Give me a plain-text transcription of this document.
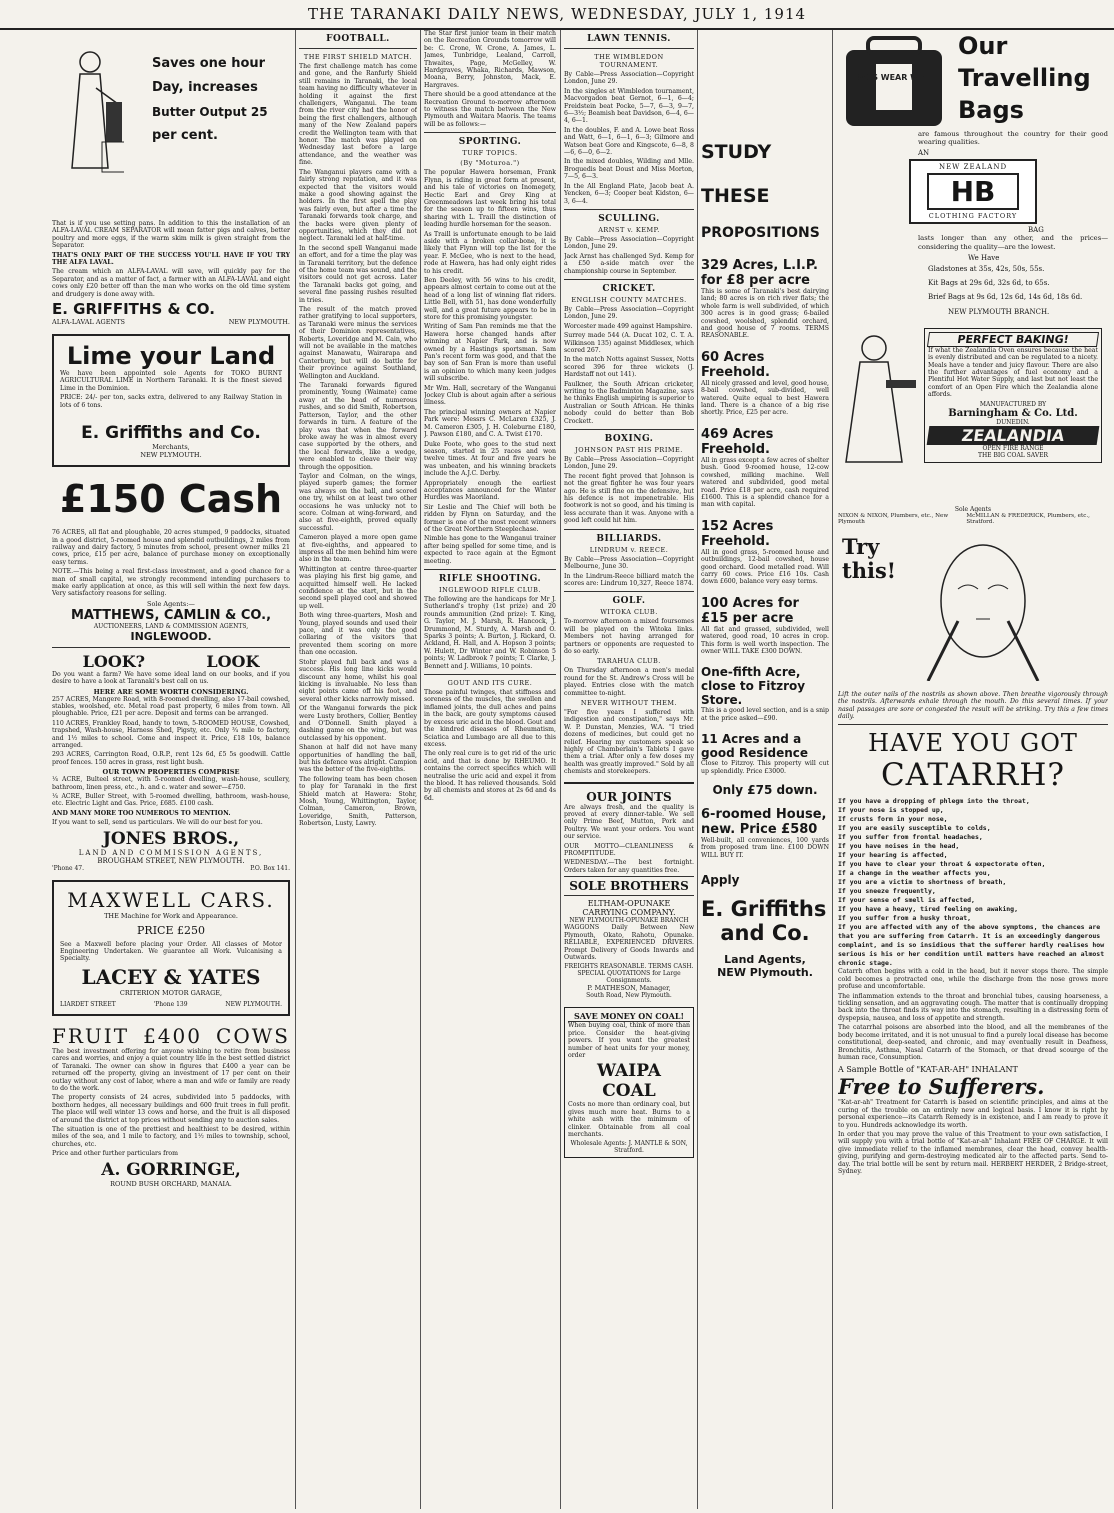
THE TARANAKI DAILY NEWS, WEDNESDAY, JULY 1, 1914
Saves one hour
Day, increases
Butter Output 25
per cent.

That is if you use setting pans. In addition to this the installation of an ALFA-LAVAL CREAM SEPARATOR will mean fatter pigs and calves, better poultry and more eggs, if the warm skim milk is given straight from the Separator.

THAT'S ONLY PART OF THE SUCCESS YOU'LL HAVE IF YOU TRY THE ALFA LAVAL.

The cream which an ALFA-LAVAL will save, will quickly pay for the Separator, and as a matter of fact, a farmer with an ALFA-LAVAL and eight cows only £20 better off than the man who works on the old time system and drudgery is done away with.

E. GRIFFITHS & CO.
ALFA-LAVAL AGENTS	NEW PLYMOUTH.
Lime your Land

We have been appointed sole Agents for TOKO BURNT AGRICULTURAL LIME in Northern Taranaki. It is the finest sieved Lime in the Dominion.

PRICE: 24/- per ton, sacks extra, delivered to any Railway Station in lots of 6 tons.

E. Griffiths and Co.
Merchants,
NEW PLYMOUTH.
£150 Cash

76 ACRES, all flat and ploughable, 20 acres stumped, 9 paddocks, situated in a good district, 5-roomed house and splendid outbuildings, 2 miles from railway and dairy factory, 5 minutes from school, present owner milks 21 cows, price, £15 per acre, balance of purchase money on exceptionally easy terms.

NOTE.—This being a real first-class investment, and a good chance for a man of small capital, we strongly recommend intending purchasers to make early application at once, as this will sell within the next few days. Very satisfactory reasons for selling.

Sole Agents:—
MATTHEWS, CAMLIN & CO.,
AUCTIONEERS, LAND & COMMISSION AGENTS,
INGLEWOOD.
LOOK?	LOOK

Do you want a farm? We have some ideal land on our books, and if you desire to have a look at Taranaki's best call on us.

HERE ARE SOME WORTH CONSIDERING.

257 ACRES, Mangere Road, with 8-roomed dwelling, also 17-bail cowshed, stables, woolshed, etc. Metal road past property, 6 miles from town. All ploughable. Price, £21 per acre. Deposit and terms can be arranged.

110 ACRES, Frankley Road, handy to town, 5-ROOMED HOUSE, Cowshed, trapshed, Wash-house, Harness Shed, Pigsty, etc. Only ¾ mile to factory, and 1½ miles to school. Come and inspect it. Price, £18 10s, balance arranged.

293 ACRES, Carrington Road, O.R.P., rent 12s 6d, £5 5s goodwill. Cattle proof fences. 150 acres in grass, rest light bush.

OUR TOWN PROPERTIES COMPRISE

¼ ACRE, Bulteel street, with 5-roomed dwelling, wash-house, scullery, bathroom, linen press, etc., h. and c. water and sewer—£750.

¼ ACRE, Buller Street, with 5-roomed dwelling, bathroom, wash-house, etc. Electric Light and Gas. Price, £685. £100 cash.

AND MANY MORE TOO NUMEROUS TO MENTION.

If you want to sell, send us particulars. We will do our best for you.

JONES BROS.,
LAND AND COMMISSION AGENTS,
BROUGHAM STREET, NEW PLYMOUTH.
'Phone 47.	P.O. Box 141.
MAXWELL CARS.
THE Machine for Work and Appearance.
PRICE £250

See a Maxwell before placing your Order. All classes of Motor Engineering Undertaken. We guarantee all Work. Vulcanising a Specialty.

LACEY & YATES
CRITERION MOTOR GARAGE,
LIARDET STREET	'Phone 139	NEW PLYMOUTH.
FRUIT £400 COWS

The best investment offering for anyone wishing to retire from business cares and worries, and enjoy a quiet country life in the best settled district of Taranaki. The owner can show in figures that £400 a year can be returned off the property, giving an investment of 17 per cent on their outlay without any cost of labor, where a man and wife or family are ready to do the work.

The property consists of 24 acres, subdivided into 5 paddocks, with boxthorn hedges, all necessary buildings and 600 fruit trees in full profit. The place will well winter 13 cows and horse, and the fruit is all disposed of around the district at top prices without sending any to auction sales.

The situation is one of the prettiest and healthiest to be desired, within miles of the sea, and 1 mile to factory, and 1½ miles to township, school, churches, etc.

Price and other further particulars from

A. GORRINGE,
ROUND BUSH ORCHARD, MANAIA.
FOOTBALL.
THE FIRST SHIELD MATCH.

The first challenge match has come and gone, and the Ranfurly Shield still remains in Taranaki, the local team having no difficulty whatever in holding it against the first challengers, Wanganui. The team from the river city had the honor of being the first challengers, although many of the New Zealand papers credit the Wellington team with that honor. The match was played on Wednesday last before a large attendance, and the weather was fine.

The Wanganui players came with a fairly strong reputation, and it was expected that the visitors would make a good showing against the holders. In the first spell the play was fairly even, but after a time the Taranaki forwards took charge, and the backs were given plenty of opportunities, which they did not neglect. Taranaki led at half-time.

In the second spell Wanganui made an effort, and for a time the play was in Taranaki territory, but the defence of the home team was sound, and the visitors could not get across. Later the Taranaki backs got going, and several fine passing rushes resulted in tries.

The result of the match proved rather gratifying to local supporters, as Taranaki were minus the services of their Dominion representatives, Roberts, Loveridge and M. Cain, who will not be available in the matches against Manawatu, Wairarapa and Canterbury, but will do battle for their province against Southland, Wellington and Auckland.

The Taranaki forwards figured prominently, Young (Waimate) came away at the head of numerous rushes, and so did Smith, Robertson, Patterson, Taylor, and the other forwards in turn. A feature of the play was that when the forward broke away he was in almost every case supported by the others, and the local forwards, like a wedge, were enabled to cleave their way through the opposition.

Taylor and Colman, on the wings, played superb games; the former was always on the ball, and scored one try, whilst on at least two other occasions he was unlucky not to score. Colman at wing-forward, and also at five-eighth, proved equally successful.

Cameron played a more open game at five-eighths, and appeared to impress all the men behind him were also in the team.

Whittington at centre three-quarter was playing his first big game, and acquitted himself well. He lacked confidence at the start, but in the second spell played cool and showed up well.

Both wing three-quarters, Mosh and Young, played sounds and used their pace, and it was only the good collaring of the visitors that prevented them scoring on more than one occasion.

Stohr played full back and was a success. His long line kicks would discount any home, whilst his goal kicking is invaluable. No less than eight points came off his foot, and several other kicks narrowly missed.

Of the Wanganui forwards the pick were Lusty brothers, Collier, Bentley and O'Donnell. Smith played a dashing game on the wing, but was outclassed by his opponent.

Shanon at half did not have many opportunities of handling the ball, but his defence was alright. Campion was the better of the five-eighths.

The following team has been chosen to play for Taranaki in the first Shield match at Hawera: Stohr, Mosh, Young, Whittington, Taylor, Colman, Cameron, Brown, Loveridge, Smith, Patterson, Robertson, Lusty, Lawry.

The Star first junior team in their match on the Recreation Grounds tomorrow will be: C. Crone, W. Crone, A. James, L. James, Tunbridge, Lealand, Carroll, Thwaites, Page, McGelley, W. Hardgraves, Whaka, Richards, Mawson, Moana, Berry, Johnston, Mack, E. Hargraves.

There should be a good attendance at the Recreation Ground to-morrow afternoon to witness the match between the New Plymouth and Waitara Maoris. The teams will be as follows:—

SPORTING.
TURF TOPICS.
(By "Moturoa.")

The popular Hawera horseman, Frank Flynn, is riding in great form at present, and his tale of victories on Inomegety, Hectic Earl and Grey King at Greenmeadows last week bring his total for the season up to fifteen wins, thus sharing with L. Traill the distinction of leading hurdle horseman for the season.

As Traill is unfortunate enough to be laid aside with a broken collar-bone, it is likely that Flynn will top the list for the year. F. McGee, who is next to the head, rode at Hawera, has had only eight rides to his credit.

Ben Deeley, with 56 wins to his credit, appears almost certain to come out at the head of a long list of winning flat riders. Little Bell, with 51, has done wonderfully well, and a great future appears to be in store for this promising youngster.

Writing of Sam Pan reminds me that the Hawera horse changed hands after winning at Napier Park, and is now owned by a Hastings sportsman. Sam Pan's recent form was good, and that the bay son of San Fran is more than useful is an opinion to which many keen judges will subscribe.

Mr Wm. Hall, secretary of the Wanganui Jockey Club is about again after a serious illness.

The principal winning owners at Napier Park were: Messrs C. McLaren £325, J. M. Cameron £305, J. H. Coleburne £180, J. Pawson £180, and C. A. Twist £170.

Duke Foote, who goes to the stud next season, started in 25 races and won twelve times. At four and five years he was unbeaten, and his winning brackets include the A.J.C. Derby.

Appropriately enough the earliest acceptances announced for the Winter Hurdles was Maoriland.

Sir Leslie and The Chief will both be ridden by Flynn on Saturday, and the former is one of the most recent winners of the Great Northern Steeplechase.

Nimble has gone to the Wanganui trainer after being spelled for some time, and is expected to race again at the Egmont meeting.

RIFLE SHOOTING.
INGLEWOOD RIFLE CLUB.

The following are the handicaps for Mr J. Sutherland's trophy (1st prize) and 20 rounds ammunition (2nd prize): T. King, G. Taylor, M. J. Marsh, R. Hancock, J. Drummond, M. Sturdy, A. Marsh and O. Sparks 3 points; A. Burton, J. Rickard, O. Ackland, H. Hall, and A. Hopson 3 points; W. Hulett, Dr Winter and W. Robinson 5 points; W. Ladbrook 7 points; T. Clarke, J. Bennett and J. Williams, 10 points.

GOUT AND ITS CURE.

Those painful twinges, that stiffness and soreness of the muscles, the swollen and inflamed joints, the dull aches and pains in the back, are gouty symptoms caused by excess uric acid in the blood. Gout and the kindred diseases of Rheumatism, Sciatica and Lumbago are all due to this excess.

The only real cure is to get rid of the uric acid, and that is done by RHEUMO. It contains the correct specifics which will neutralise the uric acid and expel it from the blood. It has relieved thousands. Sold by all chemists and stores at 2s 6d and 4s 6d.

LAWN TENNIS.
THE WIMBLEDON TOURNAMENT.

By Cable—Press Association—Copyright London, June 29.

In the singles at Wimbledon tournament, Macvorgadon beat Gernot, 6—1, 6—4; Freidstein beat Pocke, 5—7, 6—3, 9—7, 6—3½; Beamish beat Davidson, 6—4, 6—4, 6—1.

In the doubles, F. and A. Lowe beat Ross and Watt, 6—1, 6—1, 6—3; Gilmore and Watson beat Gore and Kingscote, 6—8, 8—6, 6—0, 6—2.

In the mixed doubles, Wilding and Mlle. Broquedis beat Doust and Miss Morton, 7—5, 6—3.

In the All England Plate, Jacob beat A. Yencken, 6—3; Cooper beat Kidston, 6—3, 6—4.

SCULLING.
ARNST v. KEMP.

By Cable—Press Association—Copyright London, June 29.

Jack Arnst has challenged Syd. Kemp for a £50 a-side match over the championship course in September.

CRICKET.
ENGLISH COUNTY MATCHES.

By Cable—Press Association—Copyright London, June 29.

Worcester made 499 against Hampshire.

Surrey made 544 (A. Ducat 102, C. T. A. Wilkinson 135) against Middlesex, which scored 267.

In the match Notts against Sussex, Notts scored 396 for three wickets (J. Hardstaff not out 141).

Faulkner, the South African cricketer, writing to the Badminton Magazine, says he thinks English umpiring is superior to Australian or South African. He thinks nobody could do better than Bob Crockett.

BOXING.
JOHNSON PAST HIS PRIME.

By Cable—Press Association—Copyright London, June 29.

The recent fight proved that Johnson is not the great fighter he was four years ago. He is still fine on the defensive, but his defence is not impenetrable. His footwork is not so good, and his timing is less accurate than it was. Anyone with a good left could hit him.

BILLIARDS.
LINDRUM v. REECE.

By Cable—Press Association—Copyright Melbourne, June 30.

In the Lindrum-Reece billiard match the scores are: Lindrum 10,327, Reece 1874.

GOLF.
WITOKA CLUB.

To-morrow afternoon a mixed foursomes will be played on the Witoka links. Members not having arranged for partners or opponents are requested to do so early.

TARAHUA CLUB.

On Thursday afternoon a men's medal round for the St. Andrew's Cross will be played. Entries close with the match committee to-night.

NEVER WITHOUT THEM.

"For five years I suffered with indigestion and constipation," says Mr. W. P. Dunstan, Menzies, W.A. "I tried dozens of medicines, but could get no relief. Hearing my customers speak so highly of Chamberlain's Tablets I gave them a trial. After only a few doses my health was greatly improved." Sold by all chemists and storekeepers.

OUR JOINTS

Are always fresh, and the quality is proved at every dinner-table. We sell only Prime Beef, Mutton, Pork and Poultry. We want your orders. You want our service.

OUR MOTTO—CLEANLINESS & PROMPTITUDE.

WEDNESDAY.—The best fortnight. Orders taken for any quantities free.

SOLE BROTHERS
ELTHAM-OPUNAKE CARRYING COMPANY.
NEW PLYMOUTH-OPUNAKE BRANCH

WAGGONS Daily Between New Plymouth, Okato, Rahotu, Opunake. RELIABLE, EXPERIENCED DRIVERS. Prompt Delivery of Goods Inwards and Outwards.

FREIGHTS REASONABLE. TERMS CASH.
SPECIAL QUOTATIONS for Large Consignments.
P. MATHESON, Manager,
South Road, New Plymouth.
SAVE MONEY ON COAL!

When buying coal, think of more than price. Consider the heat-giving powers. If you want the greatest number of heat units for your money, order

WAIPA COAL

Costs no more than ordinary coal, but gives much more heat. Burns to a white ash with the minimum of clinker. Obtainable from all coal merchants.

Wholesale Agents: J. MANTLE & SON, Stratford.
STUDY
THESE
PROPOSITIONS
329 Acres, L.I.P. for £8 per acre

This is some of Taranaki's best dairying land; 80 acres is on rich river flats; the whole farm is well subdivided, of which 300 acres is in good grass; 6-bailed cowshed, woolshed, splendid orchard, and good house of 7 rooms. TERMS REASONABLE.

60 Acres Freehold.

All nicely grassed and level, good house, 8-bail cowshed, sub-divided, well watered. Quite equal to best Hawera land. There is a chance of a big rise shortly. Price, £25 per acre.

469 Acres Freehold.

All in grass except a few acres of shelter bush. Good 9-roomed house, 12-cow cowshed, milking machine. Well watered and subdivided, good metal road. Price £18 per acre, cash required £1600. This is a splendid chance for a man with capital.

152 Acres Freehold.

All in good grass, 5-roomed house and outbuildings, 12-bail cowshed, house good orchard. Good metalled road. Will carry 60 cows. Price £16 10s. Cash down £600, balance very easy terms.

100 Acres for £15 per acre

All flat and grassed, subdivided, well watered, good road, 10 acres in crop. This form is well worth inspection. The owner WILL TAKE £300 DOWN.

One-fifth Acre, close to Fitzroy Store.

This is a good level section, and is a snip at the price asked—£90.

11 Acres and a good Residence

Close to Fitzroy. This property will cut up splendidly. Price £3000.

Only £75 down.
6-roomed House, new. Price £580

Well-built, all conveniences, 100 yards from proposed tram line. £100 DOWN WILL BUY IT.

Apply
E. Griffiths
and Co.
Land Agents,
NEW Plymouth.
BAGS WEAR WELL
Our
Travelling
Bags

are famous throughout the country for their good wearing qualities.

AN
NEW ZEALAND
HB
CLOTHING FACTORY
BAG

lasts longer than any other, and the prices—considering the quality—are the lowest.

We Have
Gladstones at 35s, 42s, 50s, 55s.
Kit Bags at 29s 6d, 32s 6d, to 65s.
Brief Bags at 9s 6d, 12s 6d, 14s 6d, 18s 6d.
NEW PLYMOUTH BRANCH.
PERFECT BAKING!

If what the Zealandia Oven ensures because the heat is evenly distributed and can be regulated to a nicety. Meals have a tender and juicy flavour. There are also the further advantages of fuel economy and a Plentiful Hot Water Supply, and last but not least the comfort of an Open Fire which the Zealandia alone affords.

MANUFACTURED BY
Barningham & Co. Ltd.
DUNEDIN.
ZEALANDIA
OPEN FIRE RANGE
THE BIG COAL SAVER
Sole Agents
NIXON & NIXON, Plumbers, etc., New Plymouth
McMILLAN & FREDERICK, Plumbers, etc., Stratford.
Try this!

Lift the outer nails of the nostrils as shown above. Then breathe vigorously through the nostrils. Afterwards exhale through the mouth. Do this several times. If your nasal passages are sore or congested the result will be striking. Try this a few times daily.

HAVE YOU GOT
CATARRH?
If you have a dropping of phlegm into the throat,
If your nose is stopped up,
If crusts form in your nose,
If you are easily susceptible to colds,
If you suffer from frontal headaches,
If you have noises in the head,
If your hearing is affected,
If you have to clear your throat & expectorate often,
If a change in the weather affects you,
If you are a victim to shortness of breath,
If you sneeze frequently,
If your sense of smell is affected,
If you have a heavy, tired feeling on awaking,
If you suffer from a husky throat,
If you are affected with any of the above symptoms, the chances are that you are suffering from Catarrh. It is an exceedingly dangerous complaint, and is so insidious that the sufferer hardly realises how serious is his or her condition until matters have reached an almost chronic stage.

Catarrh often begins with a cold in the head, but it never stops there. The simple cold becomes a protracted one, while the discharge from the nose grows more profuse and uncomfortable.

The inflammation extends to the throat and bronchial tubes, causing hoarseness, a tickling sensation, and an aggravating cough. The matter that is continually dropping back into the throat finds its way into the stomach, resulting in a distressing form of dyspepsia, nausea, and loss of appetite and strength.

The catarrhal poisons are absorbed into the blood, and all the membranes of the body become irritated, and it is not unusual to find a purely local disease has become constitutional, deep-seated, and chronic, and may eventually result in Deafness, Bronchitis, Asthma, Nasal Catarrh of the Stomach, or that dread scourge of the human race, Consumption.

A Sample Bottle of "KAT-AR-AH" INHALANT
Free to Sufferers.

"Kat-ar-ah" Treatment for Catarrh is based on scientific principles, and aims at the curing of the trouble on an entirely new and logical basis. I know it is right by personal experience—its Catarrh Remedy is in existence, and I am ready to prove it to you. Hundreds acknowledge its worth.

In order that you may prove the value of this Treatment to your own satisfaction, I will supply you with a trial bottle of "Kat-ar-ah" Inhalant FREE OF CHARGE. It will give immediate relief to the inflamed membranes, clear the head, convey health-giving, purifying and germ-destroying medicated air to the affected parts. Send to-day. The trial bottle will be sent by return mail. HERBERT HERDER, 2 Bridge-street, Sydney.
